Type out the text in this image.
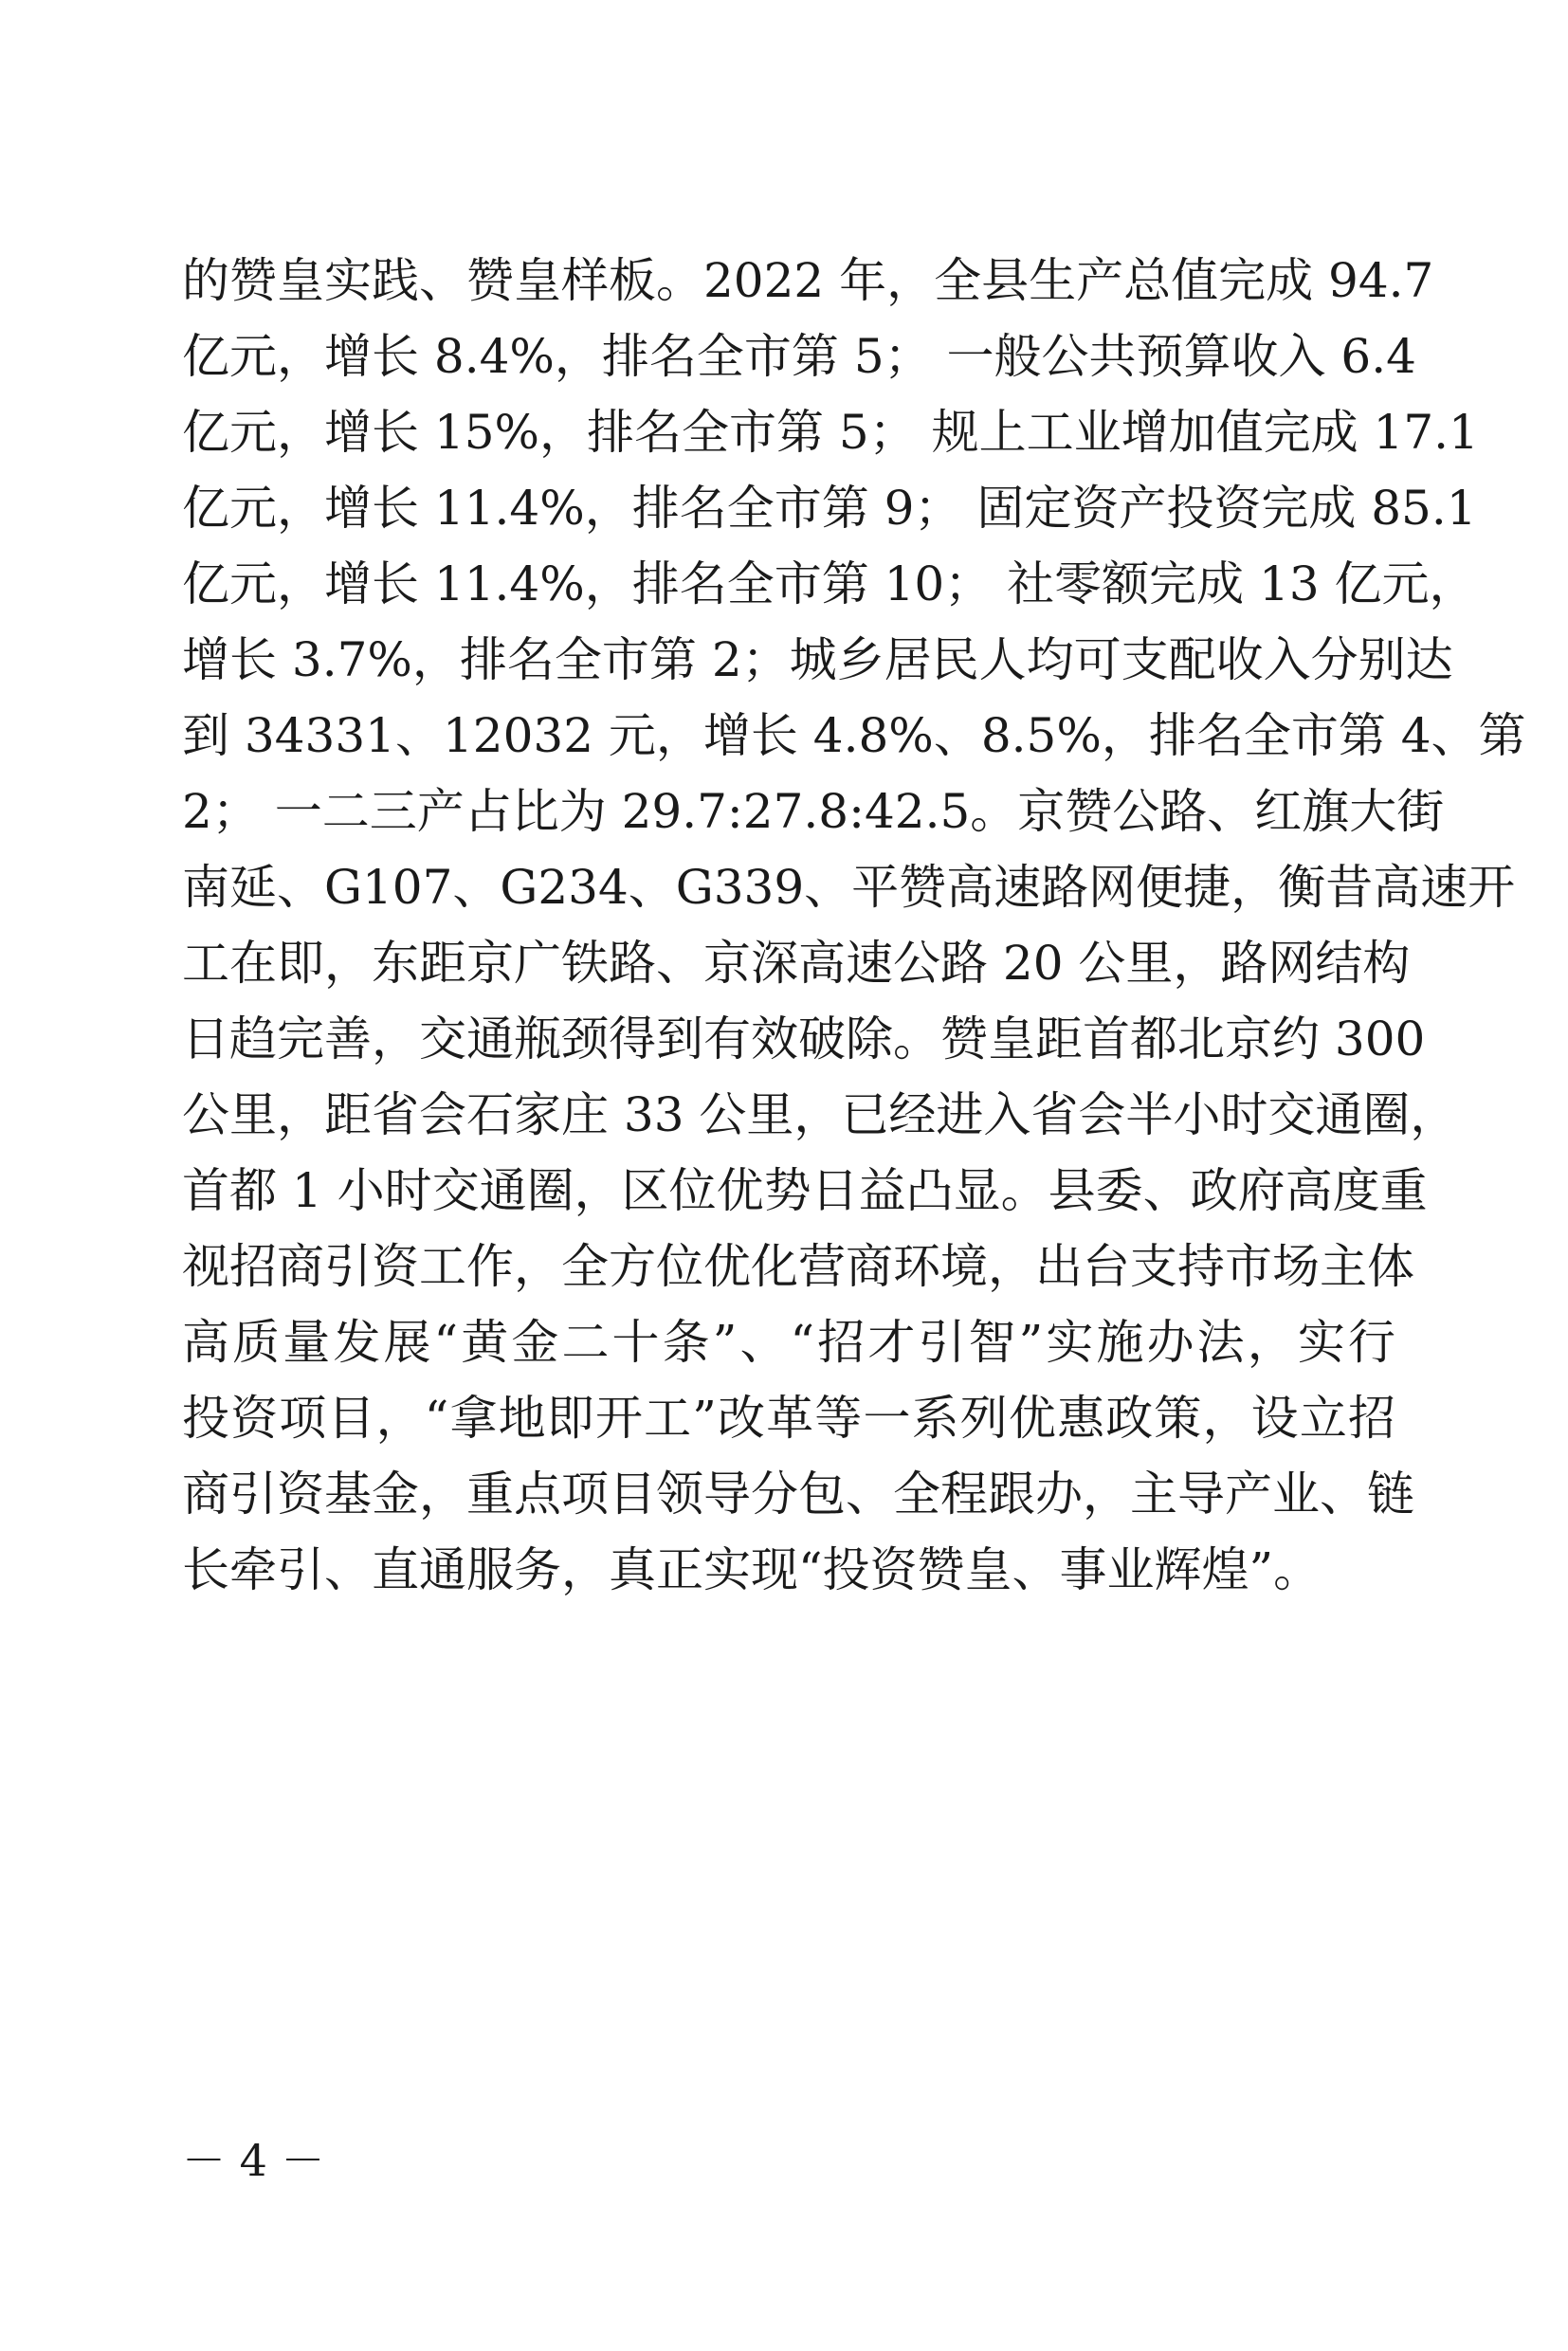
的赞皇实践、赞皇样板。2022 年，全县生产总值完成 94.7
亿元，增长 8.4%，排名全市第 5； 一般公共预算收入 6.4
亿元，增长 15%，排名全市第 5； 规上工业增加值完成 17.1
亿元，增长 11.4%，排名全市第 9； 固定资产投资完成 85.1
亿元，增长 11.4%，排名全市第 10； 社零额完成 13 亿元，
增长 3.7%，排名全市第 2；城乡居民人均可支配收入分别达
到 34331、12032 元，增长 4.8%、8.5%，排名全市第 4、第
2； 一二三产占比为 29.7:27.8:42.5。京赞公路、红旗大街
南延、G107、G234、G339、平赞高速路网便捷，衡昔高速开
工在即，东距京广铁路、京深高速公路 20 公里，路网结构
日趋完善，交通瓶颈得到有效破除。赞皇距首都北京约 300
公里，距省会石家庄 33 公里，已经进入省会半小时交通圈，
首都 1 小时交通圈，区位优势日益凸显。县委、政府高度重
视招商引资工作，全方位优化营商环境，出台支持市场主体
高质量发展“黄金二十条”、“招才引智”实施办法，实行
投资项目，“拿地即开工”改革等一系列优惠政策，设立招
商引资基金，重点项目领导分包、全程跟办，主导产业、链
长牵引、直通服务，真正实现“投资赞皇、事业辉煌”。
－ 4 －
